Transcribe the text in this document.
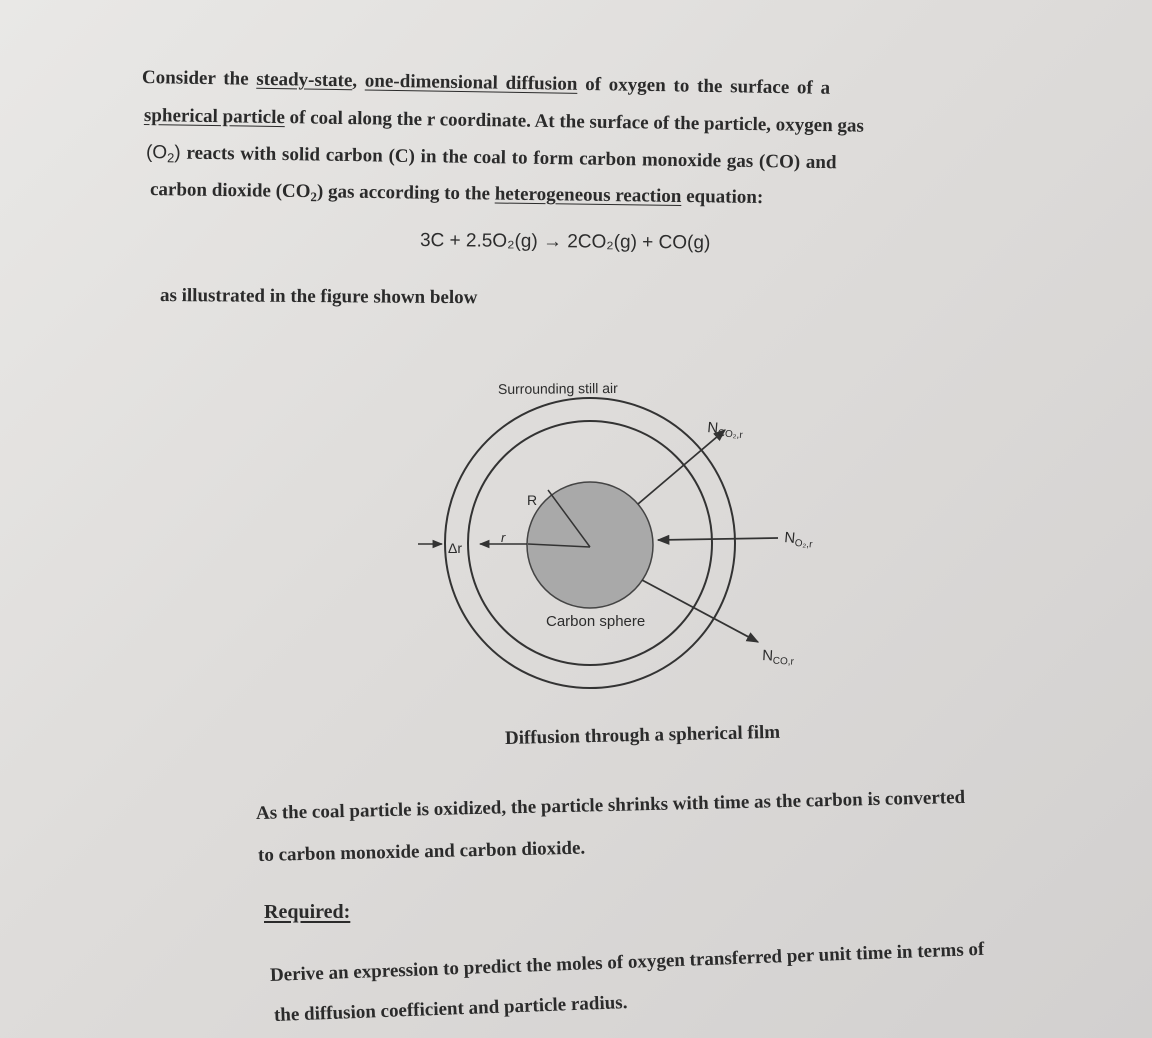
Consider the steady-state, one-dimensional diffusion of oxygen to the surface of a
spherical particle of coal along the r coordinate. At the surface of the particle, oxygen gas
$(O_2)$ reacts with solid carbon (C) in the coal to form carbon monoxide gas (CO) and
carbon dioxide $(CO_2)$ gas according to the heterogeneous reaction equation:
3C + 2.5O₂(g) → 2CO₂(g) + CO(g)
as illustrated in the figure shown below
Surrounding still air
Carbon sphere
R
r
Δr
$N_{CO_2,r}$
$N_{O_2,r}$
$N_{CO,r}$
Diffusion through a spherical film
As the coal particle is oxidized, the particle shrinks with time as the carbon is converted
to carbon monoxide and carbon dioxide.
Required:
Derive an expression to predict the moles of oxygen transferred per unit time in terms of
the diffusion coefficient and particle radius.
